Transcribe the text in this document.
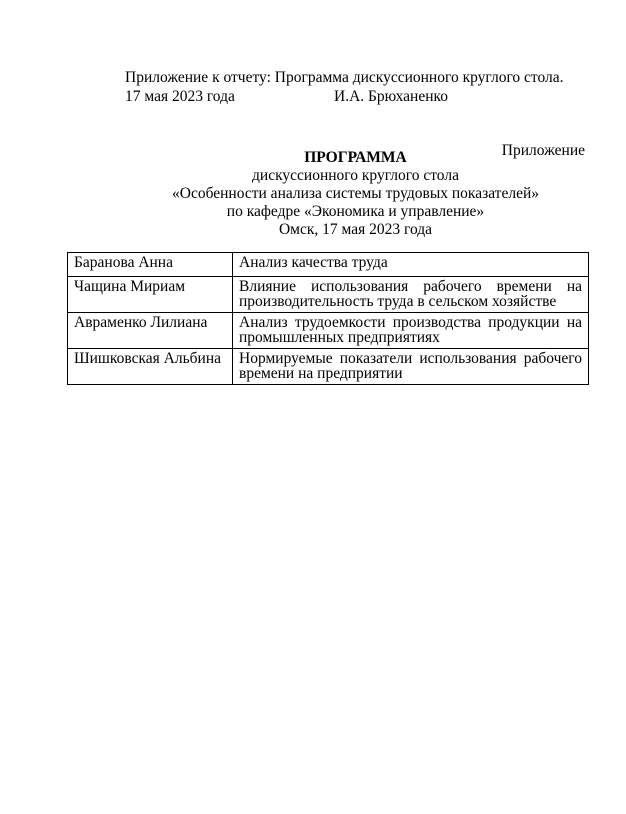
Приложение к отчету: Программа дискуссионного круглого стола.

17 мая 2023 года	И.А. Брюханенко

Приложение

ПРОГРАММА
дискуссионного круглого стола
«Особенности анализа системы трудовых показателей»
по кафедре «Экономика и управление»
Омск, 17 мая 2023 года
Баранова Анна	Анализ качества труда
Чащина Мириам	Влияние использования рабочего времени на производительность труда в сельском хозяйстве
Авраменко Лилиана	Анализ трудоемкости производства продукции на промышленных предприятиях
Шишковская Альбина	Нормируемые показатели использования рабочего времени на предприятии
